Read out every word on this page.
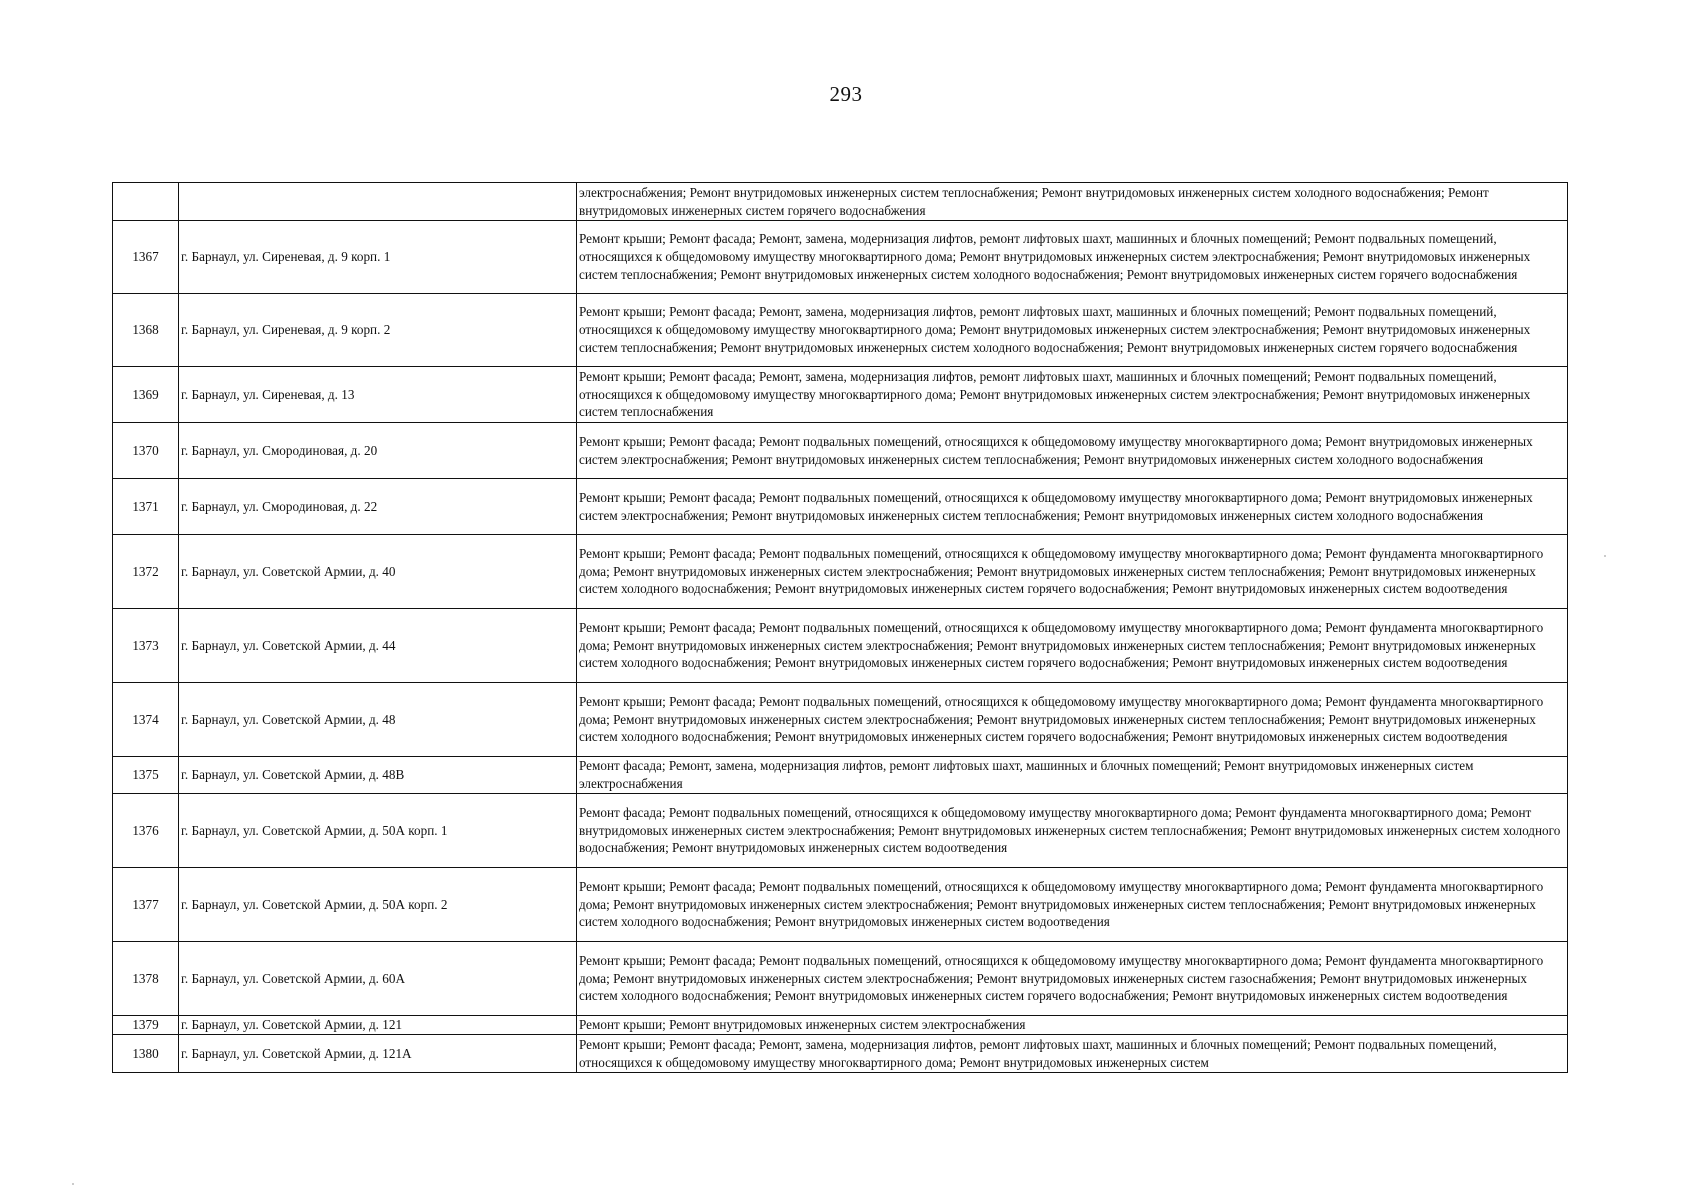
293
		электроснабжения; Ремонт внутридомовых инженерных систем теплоснабжения; Ремонт внутридомовых инженерных систем холодного водоснабжения; Ремонт внутридомовых инженерных систем горячего водоснабжения
1367	г. Барнаул, ул. Сиреневая, д. 9 корп. 1	Ремонт крыши; Ремонт фасада; Ремонт, замена, модернизация лифтов, ремонт лифтовых шахт, машинных и блочных помещений; Ремонт подвальных помещений, относящихся к общедомовому имуществу многоквартирного дома; Ремонт внутридомовых инженерных систем электроснабжения; Ремонт внутридомовых инженерных систем теплоснабжения; Ремонт внутридомовых инженерных систем холодного водоснабжения; Ремонт внутридомовых инженерных систем горячего водоснабжения
1368	г. Барнаул, ул. Сиреневая, д. 9 корп. 2	Ремонт крыши; Ремонт фасада; Ремонт, замена, модернизация лифтов, ремонт лифтовых шахт, машинных и блочных помещений; Ремонт подвальных помещений, относящихся к общедомовому имуществу многоквартирного дома; Ремонт внутридомовых инженерных систем электроснабжения; Ремонт внутридомовых инженерных систем теплоснабжения; Ремонт внутридомовых инженерных систем холодного водоснабжения; Ремонт внутридомовых инженерных систем горячего водоснабжения
1369	г. Барнаул, ул. Сиреневая, д. 13	Ремонт крыши; Ремонт фасада; Ремонт, замена, модернизация лифтов, ремонт лифтовых шахт, машинных и блочных помещений; Ремонт подвальных помещений, относящихся к общедомовому имуществу многоквартирного дома; Ремонт внутридомовых инженерных систем электроснабжения; Ремонт внутридомовых инженерных систем теплоснабжения
1370	г. Барнаул, ул. Смородиновая, д. 20	Ремонт крыши; Ремонт фасада; Ремонт подвальных помещений, относящихся к общедомовому имуществу многоквартирного дома; Ремонт внутридомовых инженерных систем электроснабжения; Ремонт внутридомовых инженерных систем теплоснабжения; Ремонт внутридомовых инженерных систем холодного водоснабжения
1371	г. Барнаул, ул. Смородиновая, д. 22	Ремонт крыши; Ремонт фасада; Ремонт подвальных помещений, относящихся к общедомовому имуществу многоквартирного дома; Ремонт внутридомовых инженерных систем электроснабжения; Ремонт внутридомовых инженерных систем теплоснабжения; Ремонт внутридомовых инженерных систем холодного водоснабжения
1372	г. Барнаул, ул. Советской Армии, д. 40	Ремонт крыши; Ремонт фасада; Ремонт подвальных помещений, относящихся к общедомовому имуществу многоквартирного дома; Ремонт фундамента многоквартирного дома; Ремонт внутридомовых инженерных систем электроснабжения; Ремонт внутридомовых инженерных систем теплоснабжения; Ремонт внутридомовых инженерных систем холодного водоснабжения; Ремонт внутридомовых инженерных систем горячего водоснабжения; Ремонт внутридомовых инженерных систем водоотведения
1373	г. Барнаул, ул. Советской Армии, д. 44	Ремонт крыши; Ремонт фасада; Ремонт подвальных помещений, относящихся к общедомовому имуществу многоквартирного дома; Ремонт фундамента многоквартирного дома; Ремонт внутридомовых инженерных систем электроснабжения; Ремонт внутридомовых инженерных систем теплоснабжения; Ремонт внутридомовых инженерных систем холодного водоснабжения; Ремонт внутридомовых инженерных систем горячего водоснабжения; Ремонт внутридомовых инженерных систем водоотведения
1374	г. Барнаул, ул. Советской Армии, д. 48	Ремонт крыши; Ремонт фасада; Ремонт подвальных помещений, относящихся к общедомовому имуществу многоквартирного дома; Ремонт фундамента многоквартирного дома; Ремонт внутридомовых инженерных систем электроснабжения; Ремонт внутридомовых инженерных систем теплоснабжения; Ремонт внутридомовых инженерных систем холодного водоснабжения; Ремонт внутридомовых инженерных систем горячего водоснабжения; Ремонт внутридомовых инженерных систем водоотведения
1375	г. Барнаул, ул. Советской Армии, д. 48В	Ремонт фасада; Ремонт, замена, модернизация лифтов, ремонт лифтовых шахт, машинных и блочных помещений; Ремонт внутридомовых инженерных систем электроснабжения
1376	г. Барнаул, ул. Советской Армии, д. 50А корп. 1	Ремонт фасада; Ремонт подвальных помещений, относящихся к общедомовому имуществу многоквартирного дома; Ремонт фундамента многоквартирного дома; Ремонт внутридомовых инженерных систем электроснабжения; Ремонт внутридомовых инженерных систем теплоснабжения; Ремонт внутридомовых инженерных систем холодного водоснабжения; Ремонт внутридомовых инженерных систем водоотведения
1377	г. Барнаул, ул. Советской Армии, д. 50А корп. 2	Ремонт крыши; Ремонт фасада; Ремонт подвальных помещений, относящихся к общедомовому имуществу многоквартирного дома; Ремонт фундамента многоквартирного дома; Ремонт внутридомовых инженерных систем электроснабжения; Ремонт внутридомовых инженерных систем теплоснабжения; Ремонт внутридомовых инженерных систем холодного водоснабжения; Ремонт внутридомовых инженерных систем водоотведения
1378	г. Барнаул, ул. Советской Армии, д. 60А	Ремонт крыши; Ремонт фасада; Ремонт подвальных помещений, относящихся к общедомовому имуществу многоквартирного дома; Ремонт фундамента многоквартирного дома; Ремонт внутридомовых инженерных систем электроснабжения; Ремонт внутридомовых инженерных систем газоснабжения; Ремонт внутридомовых инженерных систем холодного водоснабжения; Ремонт внутридомовых инженерных систем горячего водоснабжения; Ремонт внутридомовых инженерных систем водоотведения
1379	г. Барнаул, ул. Советской Армии, д. 121	Ремонт крыши; Ремонт внутридомовых инженерных систем электроснабжения
1380	г. Барнаул, ул. Советской Армии, д. 121А	Ремонт крыши; Ремонт фасада; Ремонт, замена, модернизация лифтов, ремонт лифтовых шахт, машинных и блочных помещений; Ремонт подвальных помещений, относящихся к общедомовому имуществу многоквартирного дома; Ремонт внутридомовых инженерных систем
